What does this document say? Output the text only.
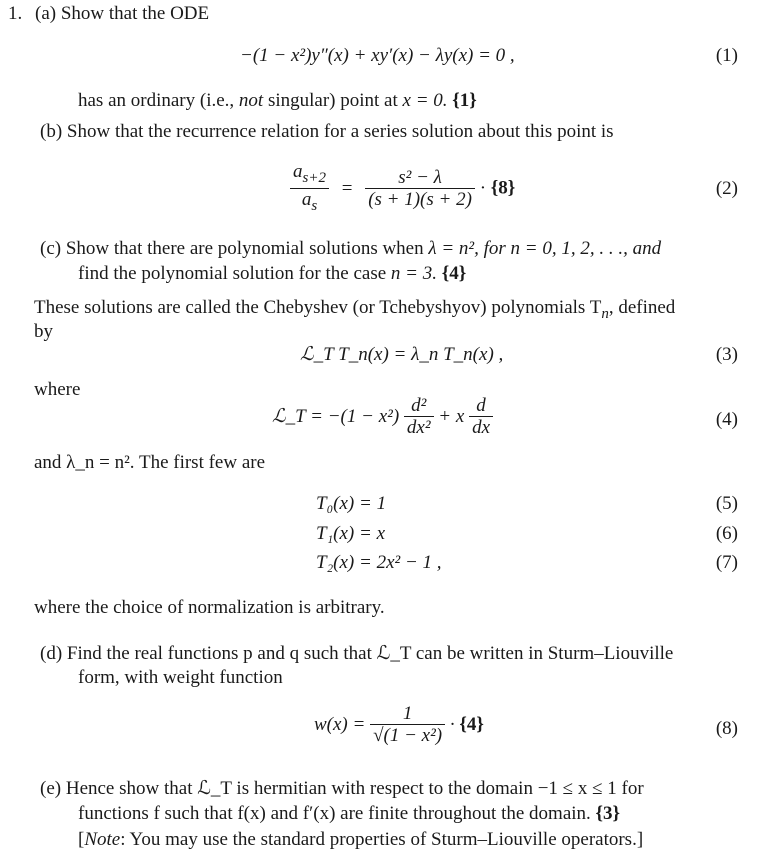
1. (a) Show that the ODE
−(1 − x²)y″(x) + xy′(x) − λy(x) = 0 ,	(1)
has an ordinary (i.e., not singular) point at x = 0. {1}
(b) Show that the recurrence relation for a series solution about this point is
$\frac{a_{s+2}}{a_s} = \frac{\text{s² − λ}}{(s + 1)(s + 2)} \cdot \{8\}$	(2)
(c) Show that there are polynomial solutions when λ = n², for n = 0, 1, 2, . . ., and
find the polynomial solution for the case n = 3. {4}
These solutions are called the Chebyshev (or Tchebyshyov) polynomials $T_n$, defined
by
ℒ_T T_n(x) = λ_n T_n(x) ,	(3)
where
ℒ_T = $-(1 - x^2) \frac{\text{d²}}{\text{dx²}} + x \frac{d}{dx}$	(4)
and λ_n = n². The first few are
T₀(x) = 1	(5)
T₁(x) = x	(6)
T₂(x) = 2x² − 1 ,	(7)
where the choice of normalization is arbitrary.
(d) Find the real functions p and q such that ℒ_T can be written in Sturm–Liouville
form, with weight function
$w(x) = \frac{1}{\text{√(1 − x²)}} \cdot \{4\}$	(8)
(e) Hence show that ℒ_T is hermitian with respect to the domain −1 ≤ x ≤ 1 for
functions f such that f(x) and f′(x) are finite throughout the domain. {3}
[Note: You may use the standard properties of Sturm–Liouville operators.]
